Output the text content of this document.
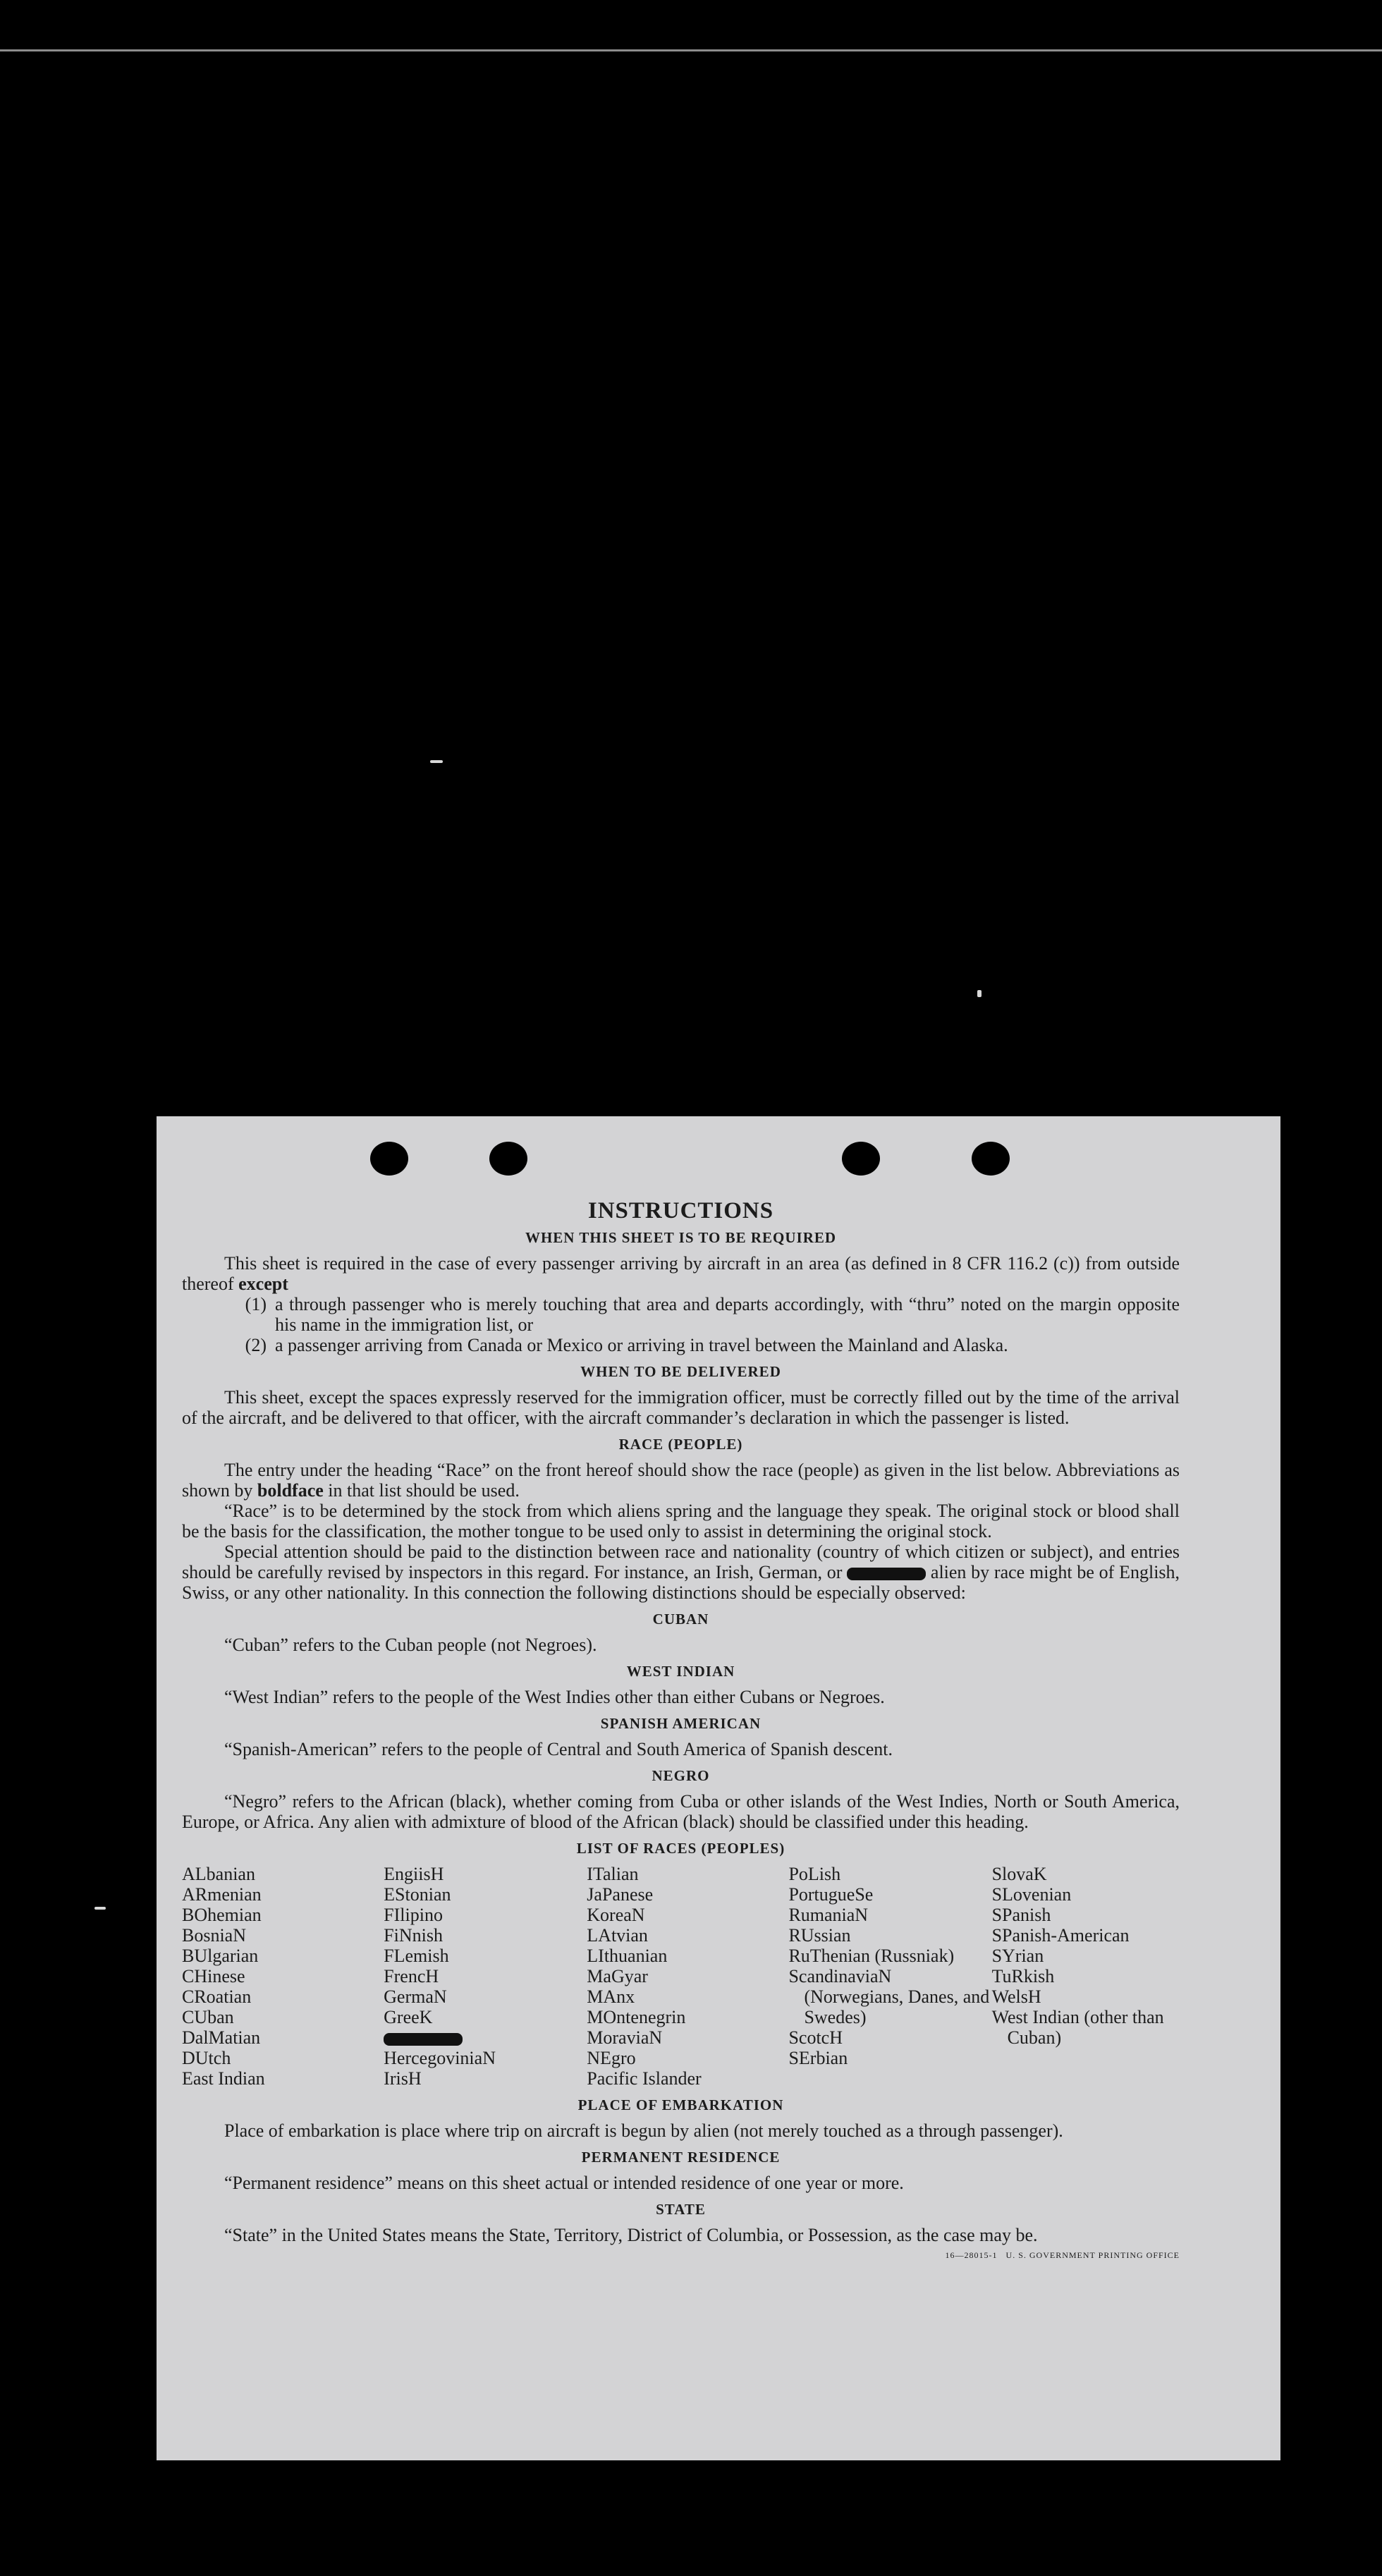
INSTRUCTIONS
WHEN THIS SHEET IS TO BE REQUIRED

This sheet is required in the case of every passenger arriving by aircraft in an area (as defined in 8 CFR 116.2 (c)) from outside thereof except

(1) a through passenger who is merely touching that area and departs accordingly, with “thru” noted on the margin opposite his name in the immigration list, or
(2) a passenger arriving from Canada or Mexico or arriving in travel between the Mainland and Alaska.
WHEN TO BE DELIVERED

This sheet, except the spaces expressly reserved for the immigration officer, must be correctly filled out by the time of the arrival of the aircraft, and be delivered to that officer, with the aircraft commander’s declaration in which the passenger is listed.

RACE (PEOPLE)

The entry under the heading “Race” on the front hereof should show the race (people) as given in the list below. Abbreviations as shown by boldface in that list should be used.

“Race” is to be determined by the stock from which aliens spring and the language they speak. The original stock or blood shall be the basis for the classification, the mother tongue to be used only to assist in determining the original stock.

Special attention should be paid to the distinction between race and nationality (country of which citizen or subject), and entries should be carefully revised by inspectors in this regard. For instance, an Irish, German, or	alien by race might be of English, Swiss, or any other nationality. In this connection the following distinctions should be especially observed:

CUBAN

“Cuban” refers to the Cuban people (not Negroes).

WEST INDIAN

“West Indian” refers to the people of the West Indies other than either Cubans or Negroes.

SPANISH AMERICAN

“Spanish-American” refers to the people of Central and South America of Spanish descent.

NEGRO

“Negro” refers to the African (black), whether coming from Cuba or other islands of the West Indies, North or South America, Europe, or Africa. Any alien with admixture of blood of the African (black) should be classified under this heading.

LIST OF RACES (PEOPLES)
ALbanian
ARmenian
BOhemian
BosniaN
BUlgarian
CHinese
CRoatian
CUban
DalMatian
DUtch
East Indian
EngiisH
EStonian
FIlipino
FiNnish
FLemish
FrencH
GermaN
GreeK
HercegoviniaN
IrisH
ITalian
JaPanese
KoreaN
LAtvian
LIthuanian
MaGyar
MAnx
MOntenegrin
MoraviaN
NEgro
Pacific Islander
PoLish
PortugueSe
RumaniaN
RUssian
RuThenian (Russniak)
ScandinaviaN (Norwegians, Danes, and Swedes)
ScotcH
SErbian
SlovaK
SLovenian
SPanish
SPanish-American
SYrian
TuRkish
WelsH
West Indian (other than Cuban)
PLACE OF EMBARKATION

Place of embarkation is place where trip on aircraft is begun by alien (not merely touched as a through passenger).

PERMANENT RESIDENCE

“Permanent residence” means on this sheet actual or intended residence of one year or more.

STATE

“State” in the United States means the State, Territory, District of Columbia, or Possession, as the case may be.

16—28015-1 U. S. GOVERNMENT PRINTING OFFICE
